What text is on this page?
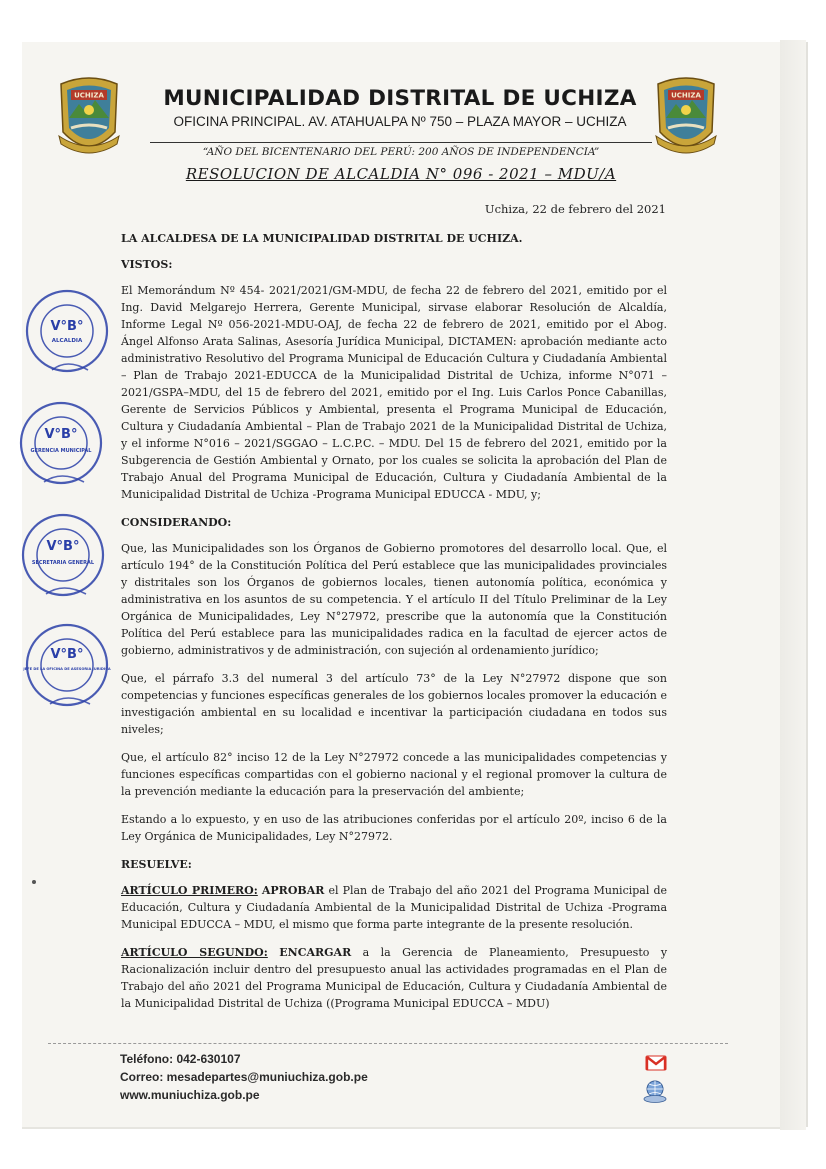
UCHIZA	UCHIZA
MUNICIPALIDAD DISTRITAL DE UCHIZA
OFICINA PRINCIPAL. AV. ATAHUALPA Nº 750 – PLAZA MAYOR – UCHIZA
“AÑO DEL BICENTENARIO DEL PERÚ: 200 AÑOS DE INDEPENDENCIA”
RESOLUCION DE ALCALDIA N° 096 - 2021 – MDU/A
Uchiza, 22 de febrero del 2021
V°B°
ALCALDIA
V°B°
GERENCIA MUNICIPAL
V°B°
SECRETARIA GENERAL
V°B°
JEFE DE LA OFICINA DE ASESORIA JURIDICA

LA ALCALDESA DE LA MUNICIPALIDAD DISTRITAL DE UCHIZA.

VISTOS:

El Memorándum Nº 454- 2021/2021/GM-MDU, de fecha 22 de febrero del 2021, emitido por el Ing. David Melgarejo Herrera, Gerente Municipal, sirvase elaborar Resolución de Alcaldía, Informe Legal Nº 056-2021-MDU-OAJ, de fecha 22 de febrero de 2021, emitido por el Abog. Ángel Alfonso Arata Salinas, Asesoría Jurídica Municipal, DICTAMEN: aprobación mediante acto administrativo Resolutivo del Programa Municipal de Educación Cultura y Ciudadanía Ambiental – Plan de Trabajo 2021-EDUCCA de la Municipalidad Distrital de Uchiza, informe N°071 – 2021/GSPA–MDU, del 15 de febrero del 2021, emitido por el Ing. Luis Carlos Ponce Cabanillas, Gerente de Servicios Públicos y Ambiental, presenta el Programa Municipal de Educación, Cultura y Ciudadanía Ambiental – Plan de Trabajo 2021 de la Municipalidad Distrital de Uchiza, y el informe N°016 – 2021/SGGAO – L.C.P.C. – MDU. Del 15 de febrero del 2021, emitido por la Subgerencia de Gestión Ambiental y Ornato, por los cuales se solicita la aprobación del Plan de Trabajo Anual del Programa Municipal de Educación, Cultura y Ciudadanía Ambiental de la Municipalidad Distrital de Uchiza -Programa Municipal EDUCCA - MDU, y;

CONSIDERANDO:

Que, las Municipalidades son los Órganos de Gobierno promotores del desarrollo local. Que, el artículo 194° de la Constitución Política del Perú establece que las municipalidades provinciales y distritales son los Órganos de gobiernos locales, tienen autonomía política, económica y administrativa en los asuntos de su competencia. Y el artículo II del Título Preliminar de la Ley Orgánica de Municipalidades, Ley N°27972, prescribe que la autonomía que la Constitución Política del Perú establece para las municipalidades radica en la facultad de ejercer actos de gobierno, administrativos y de administración, con sujeción al ordenamiento jurídico;

Que, el párrafo 3.3 del numeral 3 del artículo 73° de la Ley N°27972 dispone que son competencias y funciones específicas generales de los gobiernos locales promover la educación e investigación ambiental en su localidad e incentivar la participación ciudadana en todos sus niveles;

Que, el artículo 82° inciso 12 de la Ley N°27972 concede a las municipalidades competencias y funciones específicas compartidas con el gobierno nacional y el regional promover la cultura de la prevención mediante la educación para la preservación del ambiente;

Estando a lo expuesto, y en uso de las atribuciones conferidas por el artículo 20º, inciso 6 de la Ley Orgánica de Municipalidades, Ley N°27972.

RESUELVE:

ARTÍCULO PRIMERO: APROBAR el Plan de Trabajo del año 2021 del Programa Municipal de Educación, Cultura y Ciudadanía Ambiental de la Municipalidad Distrital de Uchiza -Programa Municipal EDUCCA – MDU, el mismo que forma parte integrante de la presente resolución.

ARTÍCULO SEGUNDO: ENCARGAR a la Gerencia de Planeamiento, Presupuesto y Racionalización incluir dentro del presupuesto anual las actividades programadas en el Plan de Trabajo del año 2021 del Programa Municipal de Educación, Cultura y Ciudadanía Ambiental de la Municipalidad Distrital de Uchiza ((Programa Municipal EDUCCA – MDU)

Teléfono: 042-630107
Correo: mesadepartes@muniuchiza.gob.pe
www.muniuchiza.gob.pe
